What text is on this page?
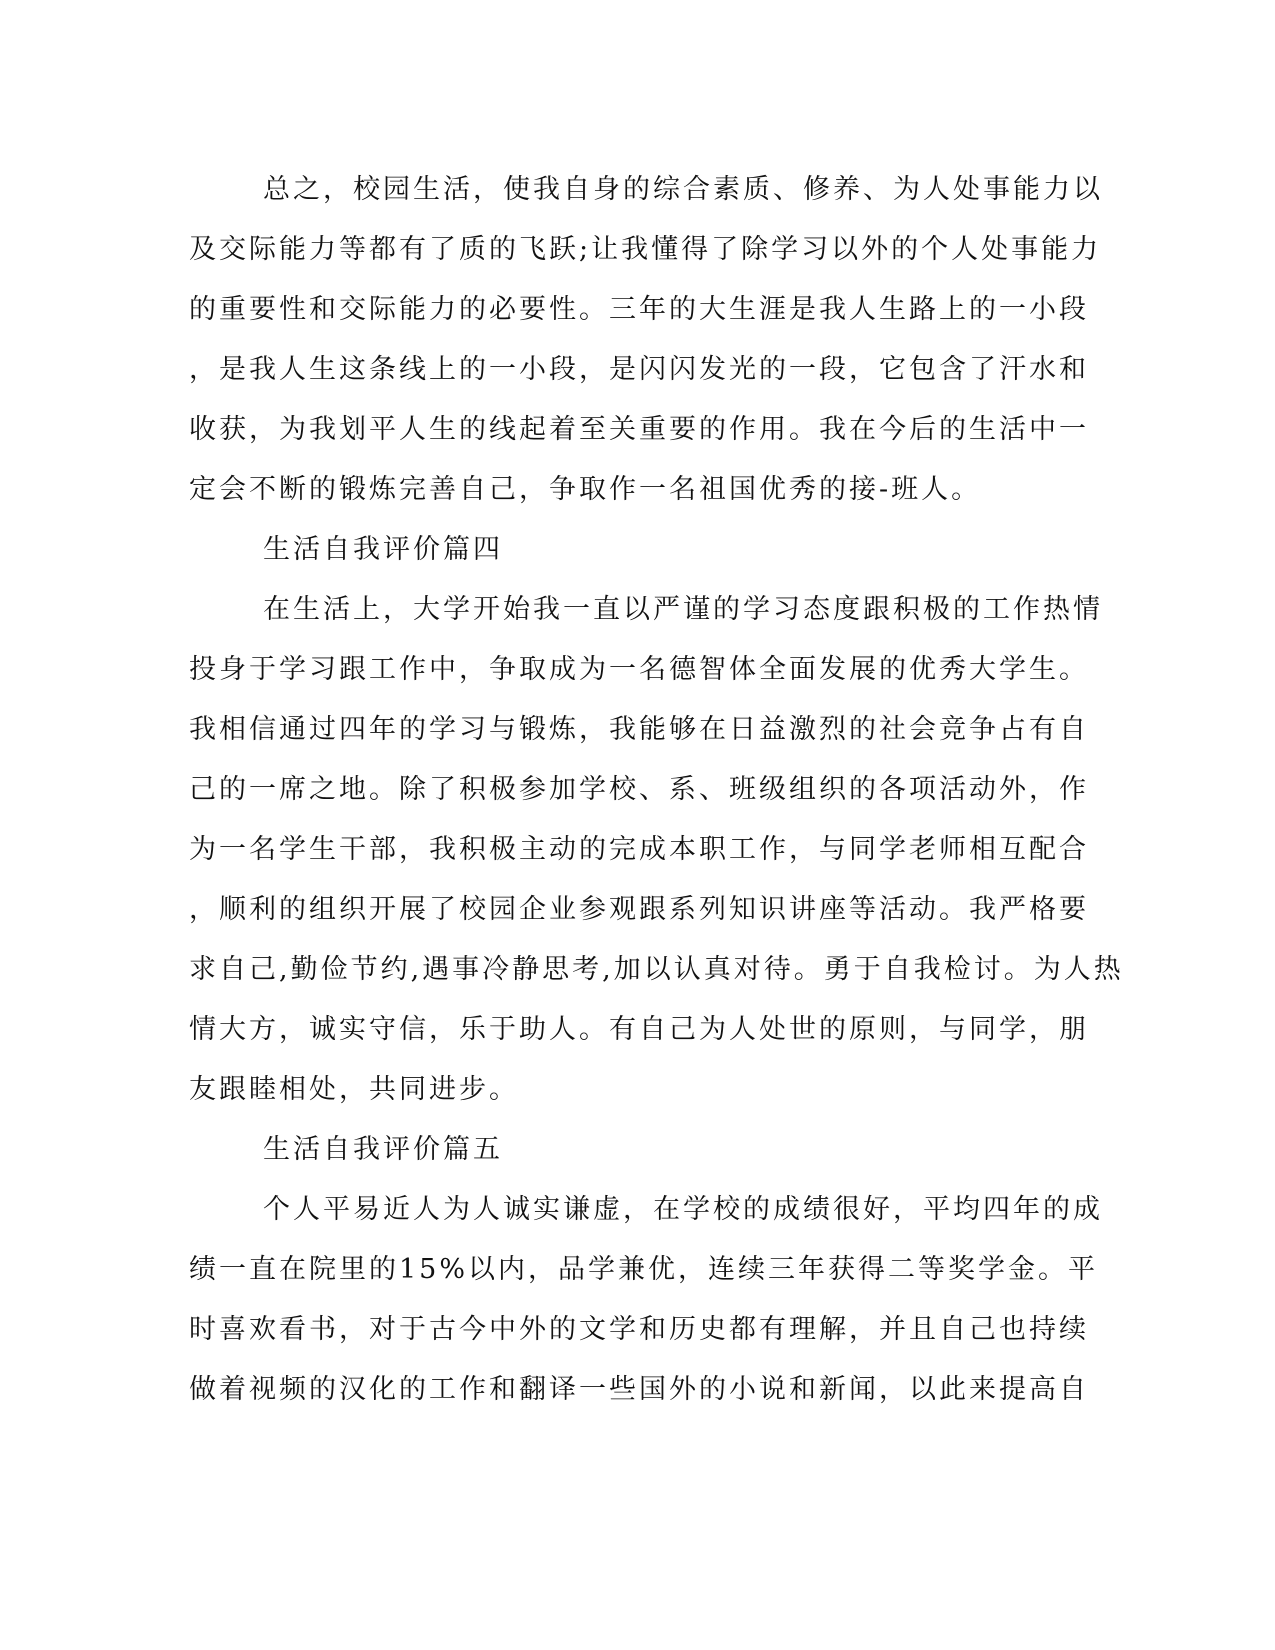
总之，校园生活，使我自身的综合素质、修养、为人处事能力以
及交际能力等都有了质的飞跃;让我懂得了除学习以外的个人处事能力
的重要性和交际能力的必要性。三年的大生涯是我人生路上的一小段
，是我人生这条线上的一小段，是闪闪发光的一段，它包含了汗水和
收获，为我划平人生的线起着至关重要的作用。我在今后的生活中一
定会不断的锻炼完善自己，争取作一名祖国优秀的接-班人。
生活自我评价篇四
在生活上，大学开始我一直以严谨的学习态度跟积极的工作热情
投身于学习跟工作中，争取成为一名德智体全面发展的优秀大学生。
我相信通过四年的学习与锻炼，我能够在日益激烈的社会竞争占有自
己的一席之地。除了积极参加学校、系、班级组织的各项活动外，作
为一名学生干部，我积极主动的完成本职工作，与同学老师相互配合
，顺利的组织开展了校园企业参观跟系列知识讲座等活动。我严格要
求自己,勤俭节约,遇事冷静思考,加以认真对待。勇于自我检讨。为人热
情大方，诚实守信，乐于助人。有自己为人处世的原则，与同学，朋
友跟睦相处，共同进步。
生活自我评价篇五
个人平易近人为人诚实谦虚，在学校的成绩很好，平均四年的成
绩一直在院里的15%以内，品学兼优，连续三年获得二等奖学金。平
时喜欢看书，对于古今中外的文学和历史都有理解，并且自己也持续
做着视频的汉化的工作和翻译一些国外的小说和新闻，以此来提高自
